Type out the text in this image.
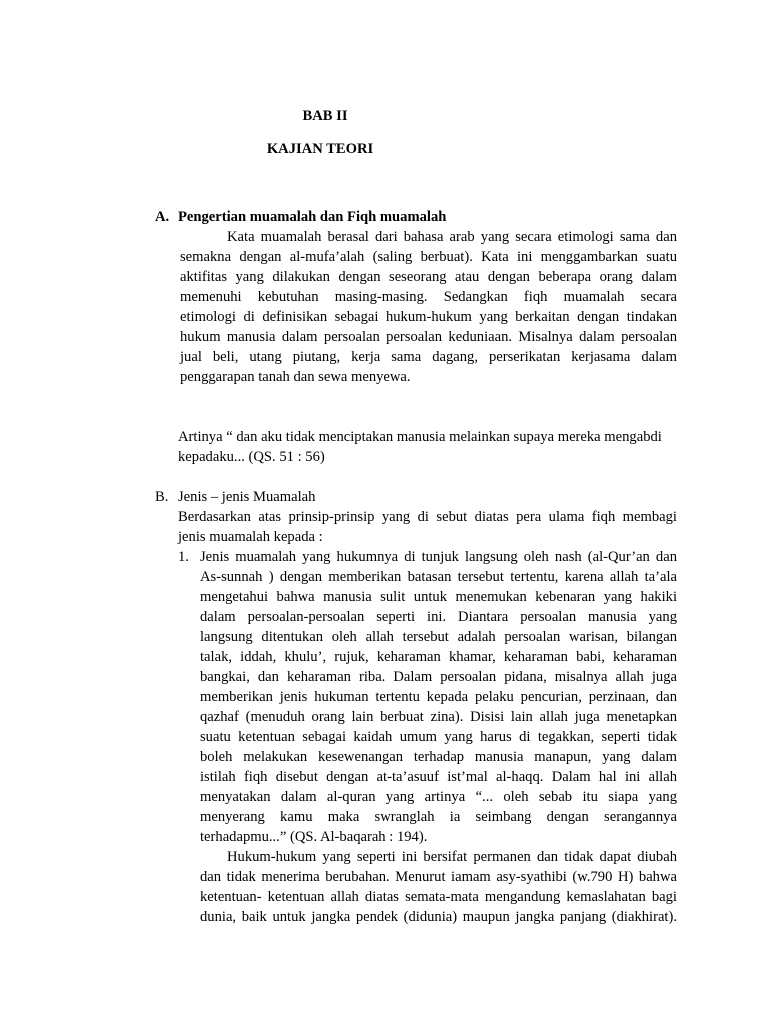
BAB II
KAJIAN TEORI
A. Pengertian muamalah dan Fiqh muamalah
Kata muamalah berasal dari bahasa arab yang secara etimologi sama dan
semakna dengan al-mufa’alah (saling berbuat). Kata ini menggambarkan suatu
aktifitas yang dilakukan dengan seseorang atau dengan beberapa orang dalam
memenuhi kebutuhan masing-masing. Sedangkan fiqh muamalah secara
etimologi di definisikan sebagai hukum-hukum yang berkaitan dengan tindakan
hukum manusia dalam persoalan persoalan keduniaan. Misalnya dalam persoalan
jual beli, utang piutang, kerja sama dagang, perserikatan kerjasama dalam
penggarapan tanah dan sewa menyewa.
Artinya “ dan aku tidak menciptakan manusia melainkan supaya mereka mengabdi
kepadaku... (QS. 51 : 56)
B. Jenis – jenis Muamalah
Berdasarkan atas prinsip-prinsip yang di sebut diatas pera ulama fiqh membagi
jenis muamalah kepada :
1. Jenis muamalah yang hukumnya di tunjuk langsung oleh nash (al-Qur’an dan
As-sunnah ) dengan memberikan batasan tersebut tertentu, karena allah ta’ala
mengetahui bahwa manusia sulit untuk menemukan kebenaran yang hakiki
dalam persoalan-persoalan seperti ini. Diantara persoalan manusia yang
langsung ditentukan oleh allah tersebut adalah persoalan warisan, bilangan
talak, iddah, khulu’, rujuk, keharaman khamar, keharaman babi, keharaman
bangkai, dan keharaman riba. Dalam persoalan pidana, misalnya allah juga
memberikan jenis hukuman tertentu kepada pelaku pencurian, perzinaan, dan
qazhaf (menuduh orang lain berbuat zina). Disisi lain allah juga menetapkan
suatu ketentuan sebagai kaidah umum yang harus di tegakkan, seperti tidak
boleh melakukan kesewenangan terhadap manusia manapun, yang dalam
istilah fiqh disebut dengan at-ta’asuuf ist’mal al-haqq. Dalam hal ini allah
menyatakan dalam al-quran yang artinya “... oleh sebab itu siapa yang
menyerang kamu maka swranglah ia seimbang dengan serangannya
terhadapmu...” (QS. Al-baqarah : 194).
Hukum-hukum yang seperti ini bersifat permanen dan tidak dapat diubah
dan tidak menerima berubahan. Menurut iamam asy-syathibi (w.790 H) bahwa
ketentuan- ketentuan allah diatas semata-mata mengandung kemaslahatan bagi
dunia, baik untuk jangka pendek (didunia) maupun jangka panjang (diakhirat).
